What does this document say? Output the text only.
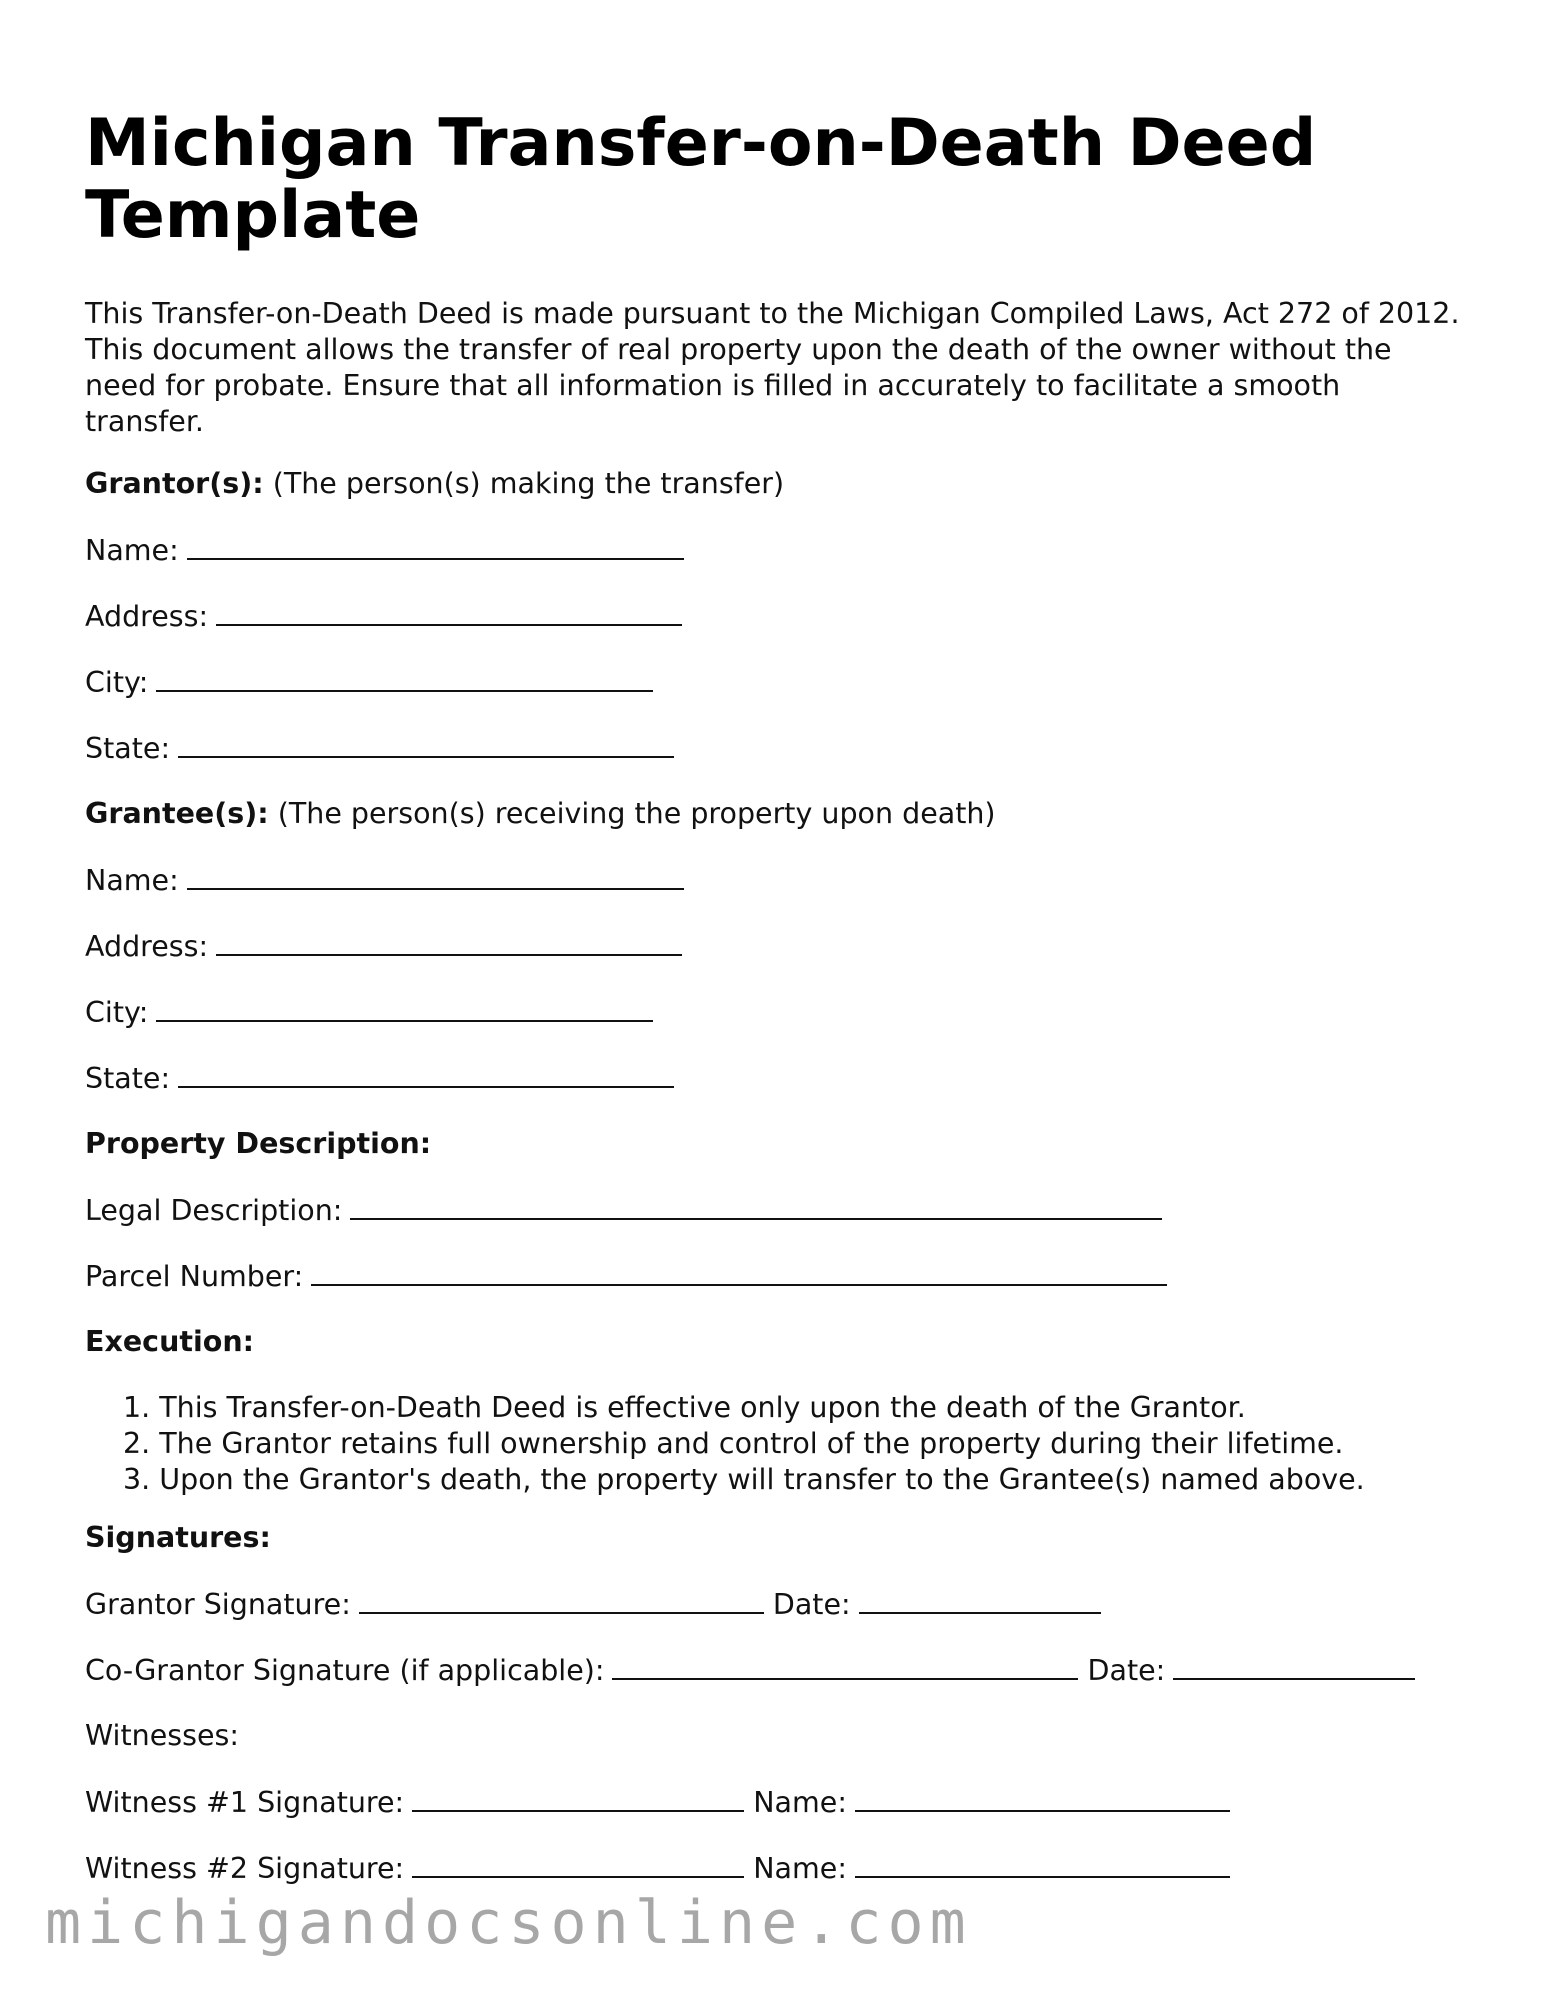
Michigan Transfer-on-Death Deed Template

This Transfer-on-Death Deed is made pursuant to the Michigan Compiled Laws, Act 272 of 2012. This document allows the transfer of real property upon the death of the owner without the need for probate. Ensure that all information is filled in accurately to facilitate a smooth transfer.

Grantor(s): (The person(s) making the transfer)
Name:
Address:
City:
State:
Grantee(s): (The person(s) receiving the property upon death)
Name:
Address:
City:
State:
Property Description:
Legal Description:
Parcel Number:
Execution:
1. This Transfer-on-Death Deed is effective only upon the death of the Grantor.
2. The Grantor retains full ownership and control of the property during their lifetime.
3. Upon the Grantor's death, the property will transfer to the Grantee(s) named above.
Signatures:
Grantor Signature:	Date:
Co-Grantor Signature (if applicable):	Date:
Witnesses:
Witness #1 Signature:	Name:
Witness #2 Signature:	Name:
michigandocsonline.com
